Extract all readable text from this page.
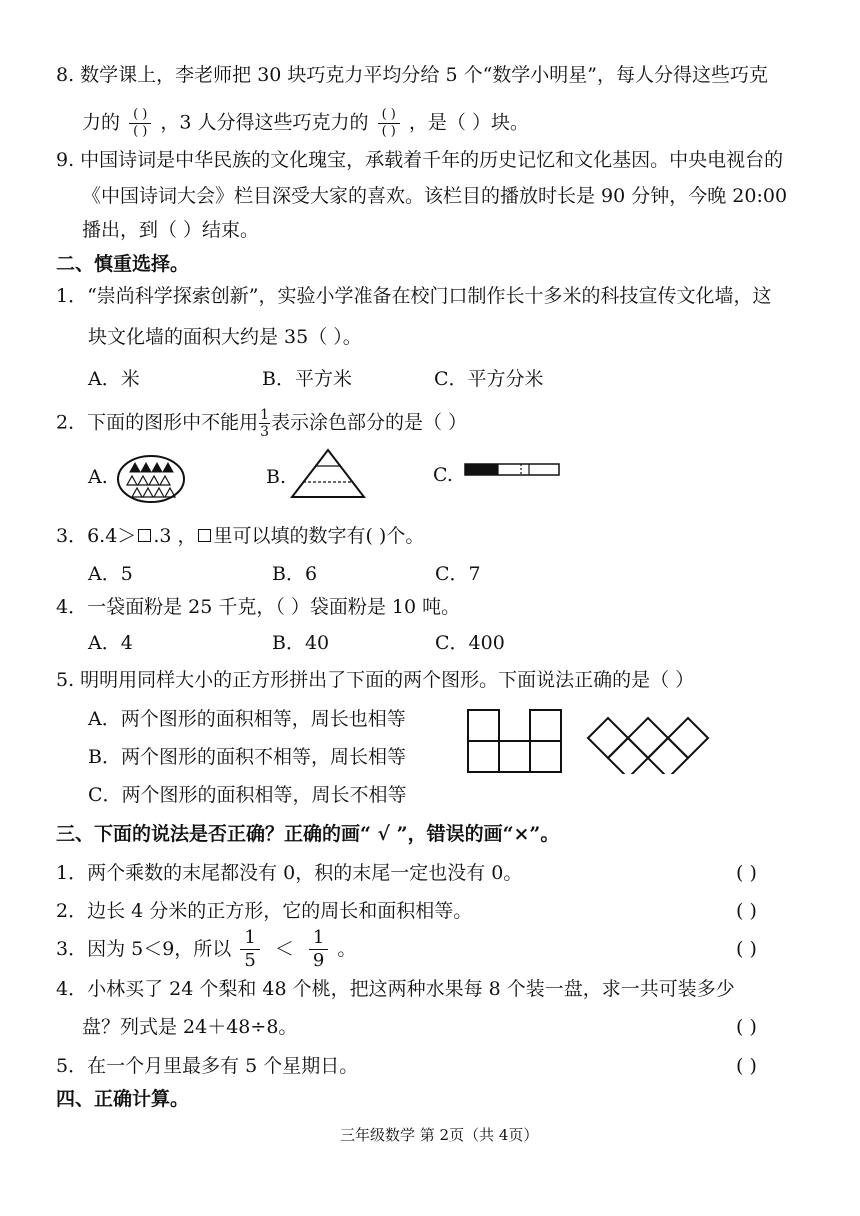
8. 数学课上，李老师把 30 块巧克力平均分给 5 个“数学小明星”，每人分得这些巧克
力的 $\frac{( )}{( )}$ ，3 人分得这些巧克力的 $\frac{( )}{( )}$ ，是（ ）块。
9. 中国诗词是中华民族的文化瑰宝，承载着千年的历史记忆和文化基因。中央电视台的
《中国诗词大会》栏目深受大家的喜欢。该栏目的播放时长是 90 分钟，今晚 20:00
播出，到（ ）结束。
二、慎重选择。
1．“崇尚科学探索创新”，实验小学准备在校门口制作长十多米的科技宣传文化墙，这
块文化墙的面积大约是 35（ ）。
A．米	B．平方米	C．平方分米
2．下面的图形中不能用 $\frac{1}{3}$ 表示涂色部分的是（ ）
A.	B.	C.
3．6.4＞ .3 ， 里可以填的数字有( )个。
A．5	B．6	C．7
4．一袋面粉是 25 千克，（ ）袋面粉是 10 吨。
A．4	B．40	C．400
5. 明明用同样大小的正方形拼出了下面的两个图形。下面说法正确的是（ ）
A．两个图形的面积相等，周长也相等
B．两个图形的面积不相等，周长相等
C．两个图形的面积相等，周长不相等
三、下面的说法是否正确？正确的画“ √ ”，错误的画“×”。
1．两个乘数的末尾都没有 0，积的末尾一定也没有 0。	( )
2．边长 4 分米的正方形，它的周长和面积相等。	( )
3．因为 5＜9，所以 $\frac{1}{5} < \frac{1}{9}$ 。	( )
4．小林买了 24 个梨和 48 个桃，把这两种水果每 8 个装一盘，求一共可装多少
盘？列式是 24＋48÷8。	( )
5．在一个月里最多有 5 个星期日。	( )
四、正确计算。
三年级数学 第 2页（共 4页）
